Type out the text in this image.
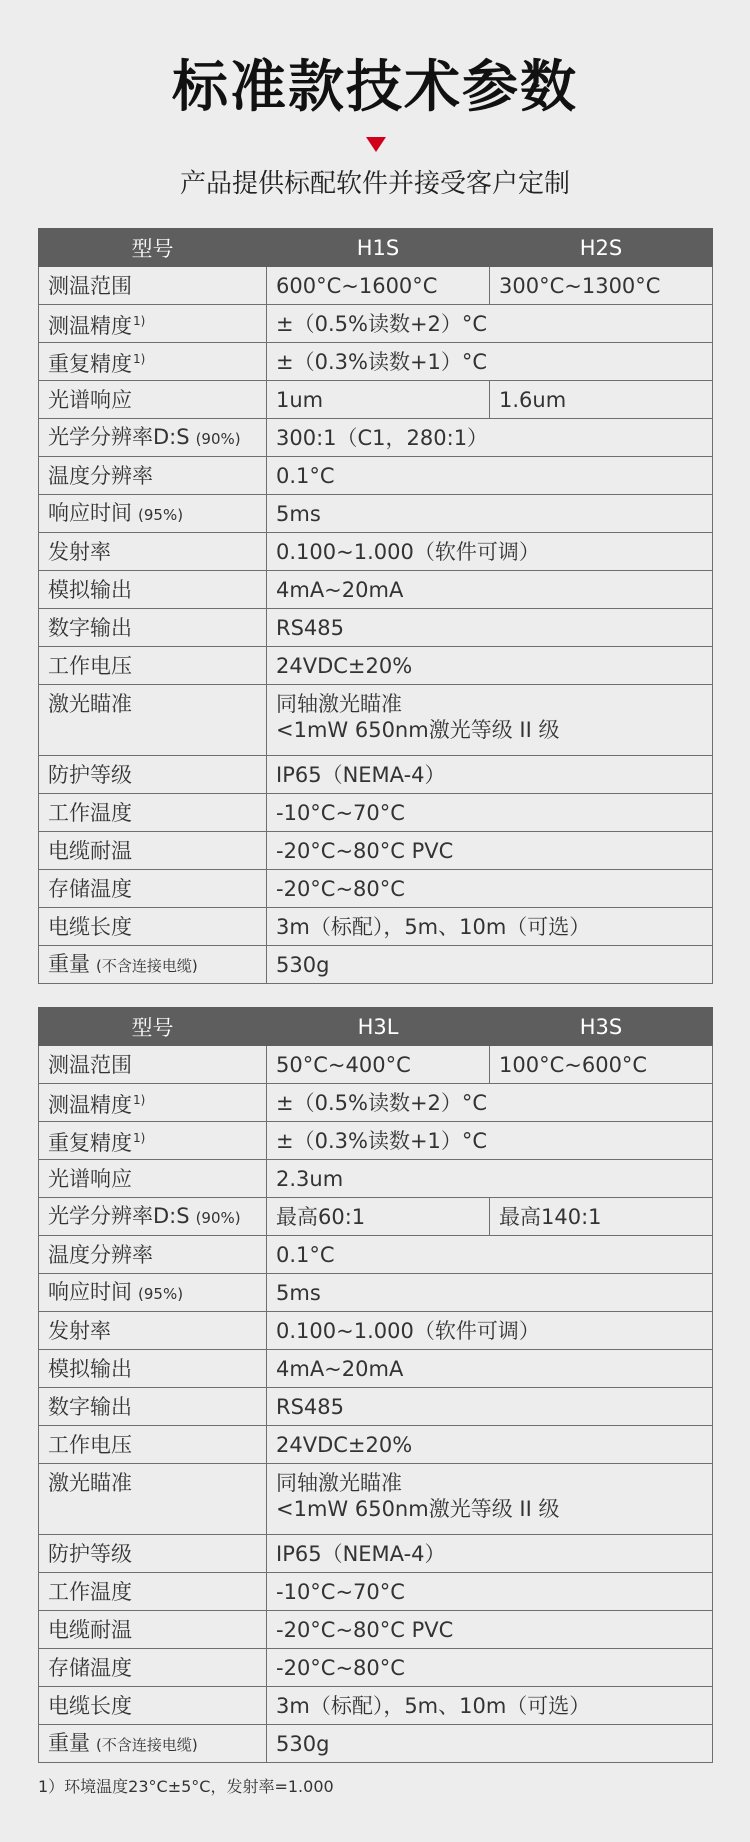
标准款技术参数
产品提供标配软件并接受客户定制
型号	H1S	H2S
测温范围	600°C~1600°C	300°C~1300°C
测温精度$^{1)}$	±（0.5%读数+2）°C	
重复精度$^{1)}$	±（0.3%读数+1）°C	
光谱响应	1um	1.6um
光学分辨率D:S (90%)	300:1（C1，280:1）	
温度分辨率	0.1°C	
响应时间 (95%)	5ms	
发射率	0.100~1.000（软件可调）	
模拟输出	4mA~20mA	
数字输出	RS485	
工作电压	24VDC±20%	
激光瞄准	同轴激光瞄准
<1mW 650nm激光等级 II 级	

防护等级	IP65（NEMA-4）	
工作温度	-10°C~70°C	
电缆耐温	-20°C~80°C PVC	
存储温度	-20°C~80°C	
电缆长度	3m（标配），5m、10m（可选）	
重量 (不含连接电缆)	530g	
型号	H3L	H3S
测温范围	50°C~400°C	100°C~600°C
测温精度$^{1)}$	±（0.5%读数+2）°C	
重复精度$^{1)}$	±（0.3%读数+1）°C	
光谱响应	2.3um	
光学分辨率D:S (90%)	最高60:1	最高140:1
温度分辨率	0.1°C	
响应时间 (95%)	5ms	
发射率	0.100~1.000（软件可调）	
模拟输出	4mA~20mA	
数字输出	RS485	
工作电压	24VDC±20%	
激光瞄准	同轴激光瞄准
<1mW 650nm激光等级 II 级	

防护等级	IP65（NEMA-4）	
工作温度	-10°C~70°C	
电缆耐温	-20°C~80°C PVC	
存储温度	-20°C~80°C	
电缆长度	3m（标配），5m、10m（可选）	
重量 (不含连接电缆)	530g	
1）环境温度23°C±5°C，发射率=1.000
